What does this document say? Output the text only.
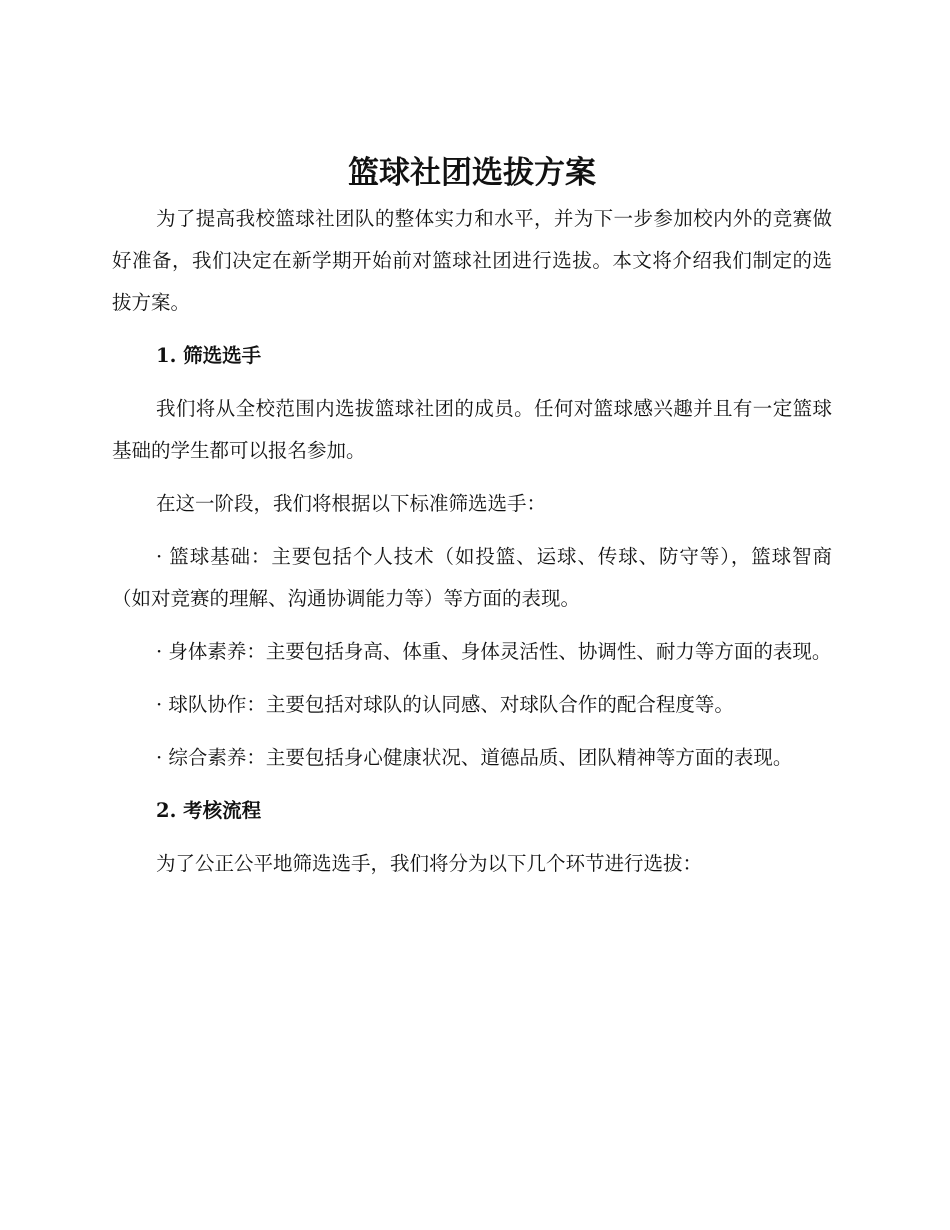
篮球社团选拔方案

为了提高我校篮球社团队的整体实力和水平，并为下一步参加校内外的竞赛做好准备，我们决定在新学期开始前对篮球社团进行选拔。本文将介绍我们制定的选拔方案。

1. 筛选选手

我们将从全校范围内选拔篮球社团的成员。任何对篮球感兴趣并且有一定篮球基础的学生都可以报名参加。

在这一阶段，我们将根据以下标准筛选选手：

· 篮球基础：主要包括个人技术（如投篮、运球、传球、防守等），篮球智商（如对竞赛的理解、沟通协调能力等）等方面的表现。

· 身体素养：主要包括身高、体重、身体灵活性、协调性、耐力等方面的表现。

· 球队协作：主要包括对球队的认同感、对球队合作的配合程度等。

· 综合素养：主要包括身心健康状况、道德品质、团队精神等方面的表现。

2. 考核流程

为了公正公平地筛选选手，我们将分为以下几个环节进行选拔：
